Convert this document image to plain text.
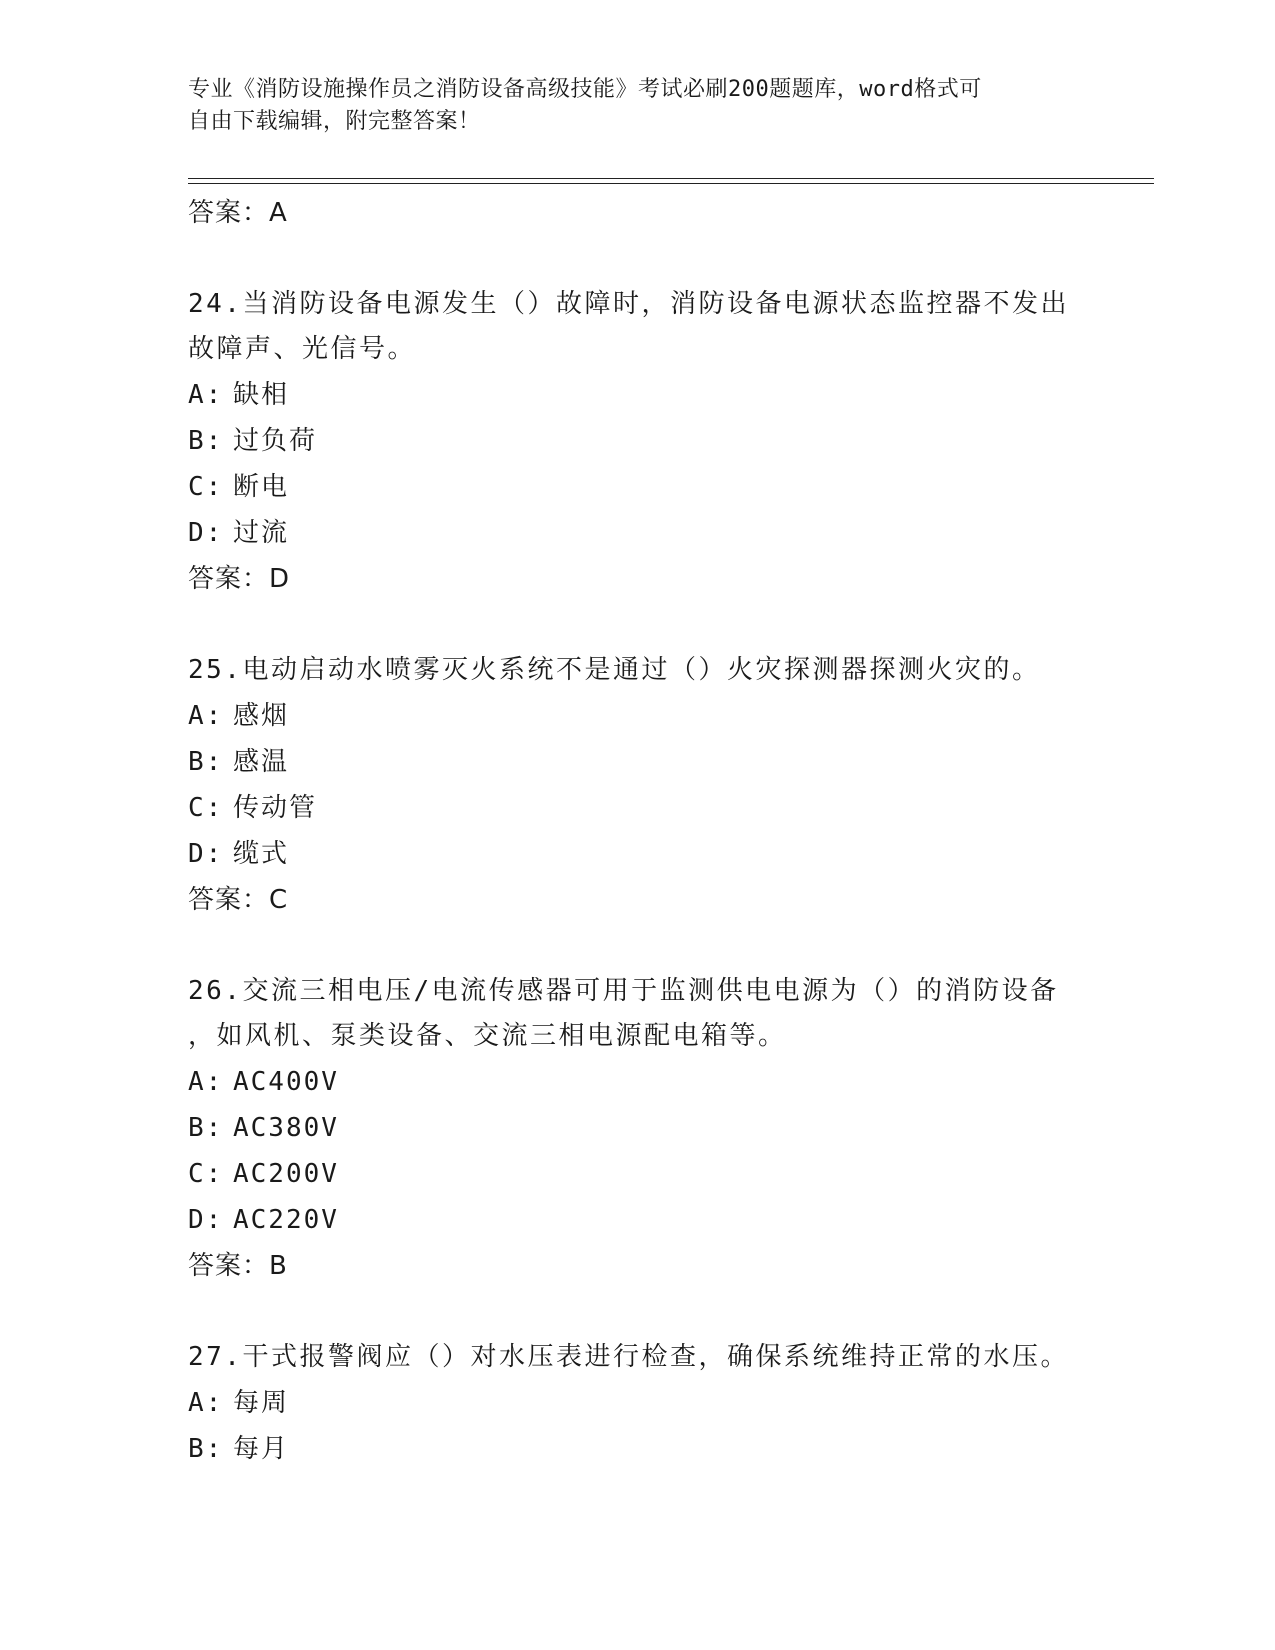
专业《消防设施操作员之消防设备高级技能》考试必刷200题题库，word格式可
自由下载编辑，附完整答案！
答案：A
24.当消防设备电源发生（）故障时，消防设备电源状态监控器不发出
故障声、光信号。
A: 缺相
B: 过负荷
C: 断电
D: 过流
答案：D
25.电动启动水喷雾灭火系统不是通过（）火灾探测器探测火灾的。
A: 感烟
B: 感温
C: 传动管
D: 缆式
答案：C
26.交流三相电压/电流传感器可用于监测供电电源为（）的消防设备
，如风机、泵类设备、交流三相电源配电箱等。
A: AC400V
B: AC380V
C: AC200V
D: AC220V
答案：B
27.干式报警阀应（）对水压表进行检查，确保系统维持正常的水压。
A: 每周
B: 每月
